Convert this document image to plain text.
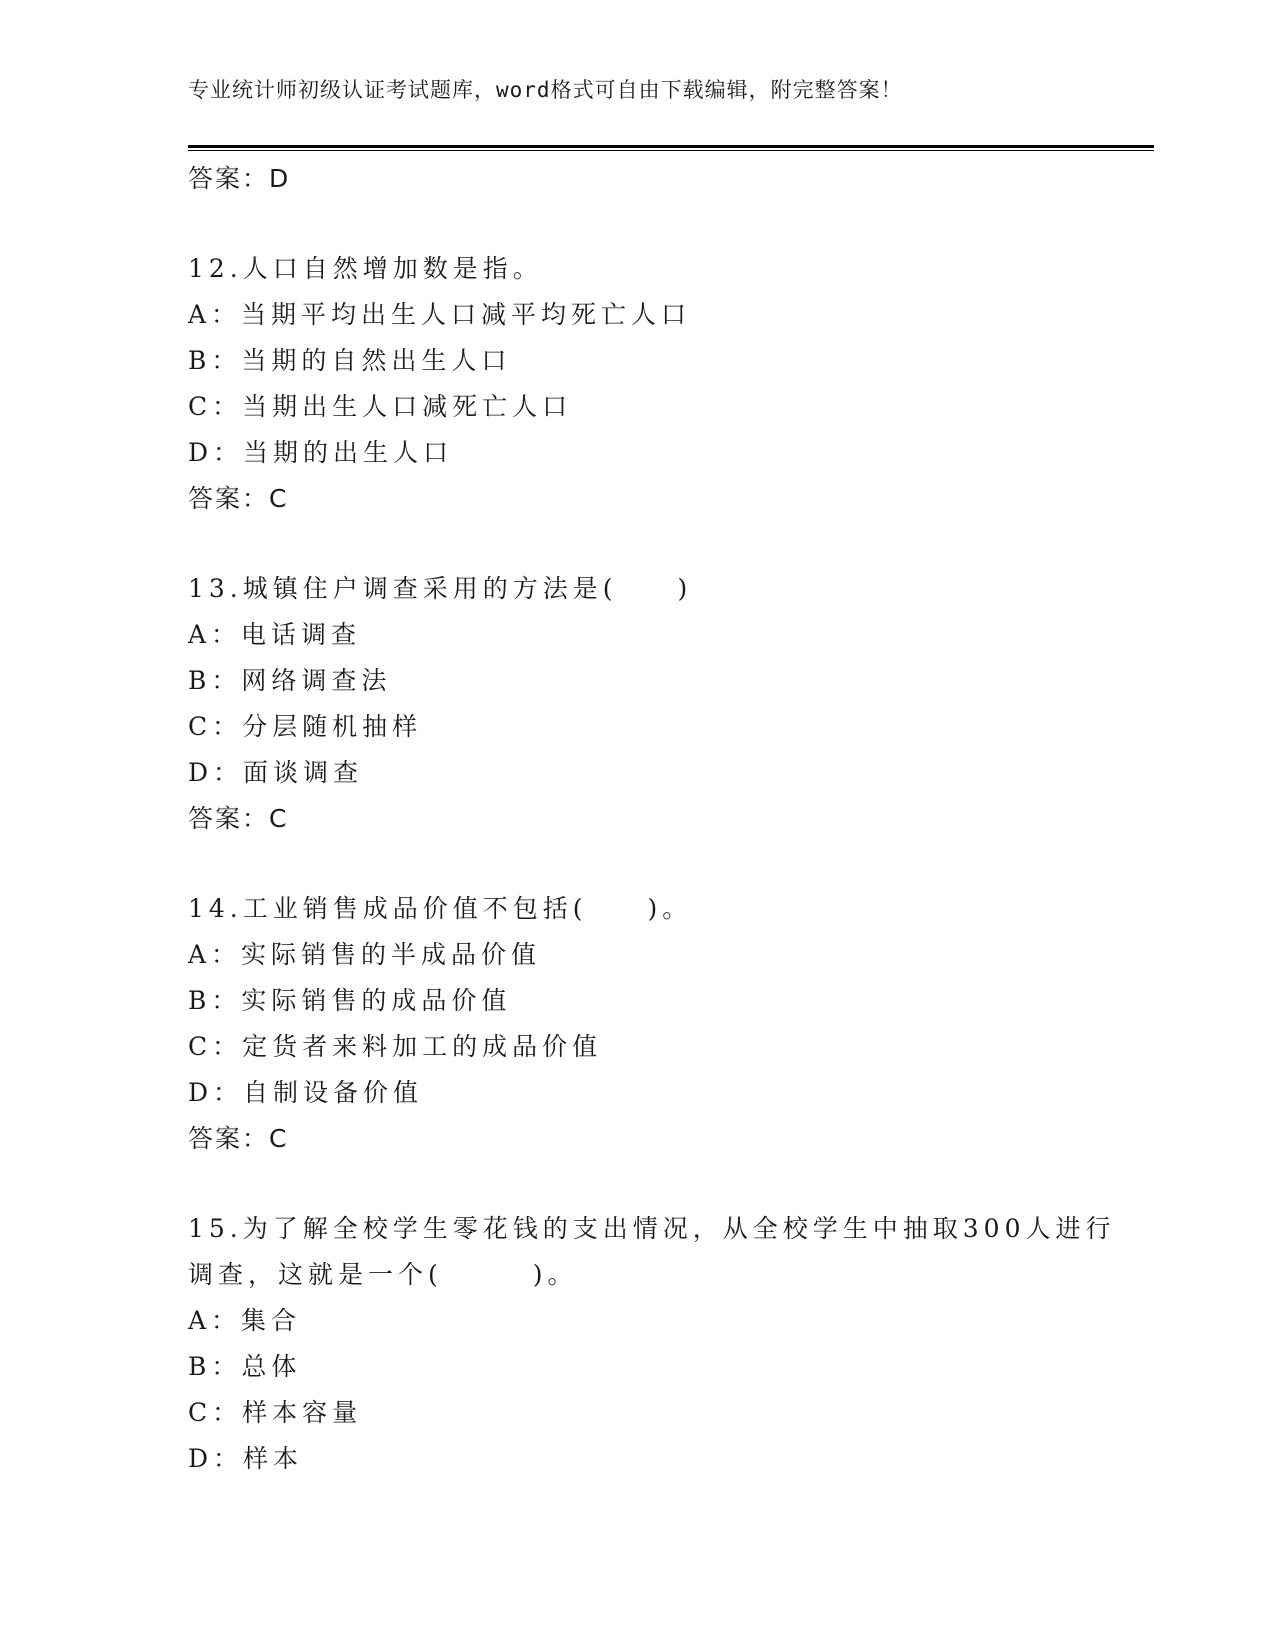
专业统计师初级认证考试题库，word格式可自由下载编辑，附完整答案！
答案：D
12.人口自然增加数是指。
A：当期平均出生人口减平均死亡人口
B：当期的自然出生人口
C：当期出生人口减死亡人口
D：当期的出生人口
答案：C
13.城镇住户调查采用的方法是(　　)
A：电话调查
B：网络调查法
C：分层随机抽样
D：面谈调查
答案：C
14.工业销售成品价值不包括(　　)。
A：实际销售的半成品价值
B：实际销售的成品价值
C：定货者来料加工的成品价值
D：自制设备价值
答案：C
15.为了解全校学生零花钱的支出情况，从全校学生中抽取300人进行
调查，这就是一个(　　　)。
A：集合
B：总体
C：样本容量
D：样本
